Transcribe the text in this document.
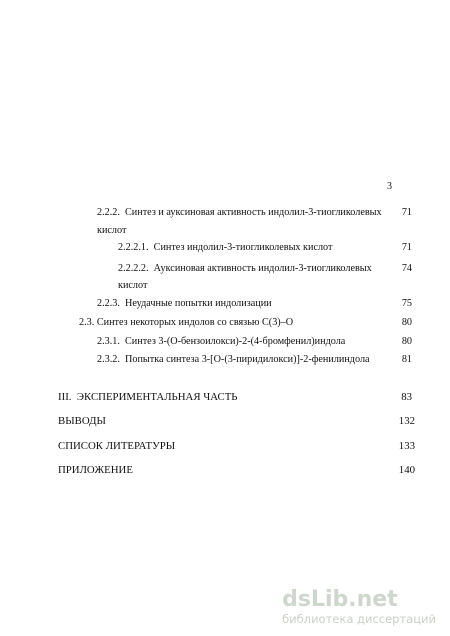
3
2.2.2. Синтез и ауксиновая активность индолил-3-тиогликолевых	71
кислот
2.2.2.1. Синтез индолил-3-тиогликолевых кислот	71
2.2.2.2. Ауксиновая активность индолил-3-тиогликолевых	74
кислот
2.2.3. Неудачные попытки индолизации	75
2.3. Синтез некоторых индолов со связью С(3)–О	80
2.3.1. Синтез 3-(О-бензоилокси)-2-(4-бромфенил)индола	80
2.3.2. Попытка синтеза 3-[О-(3-пиридилокси)]-2-фенилиндола	81
III. ЭКСПЕРИМЕНТАЛЬНАЯ ЧАСТЬ	83
ВЫВОДЫ	132
СПИСОК ЛИТЕРАТУРЫ	133
ПРИЛОЖЕНИЕ	140
dsLib.net
библиотека диссертаций
